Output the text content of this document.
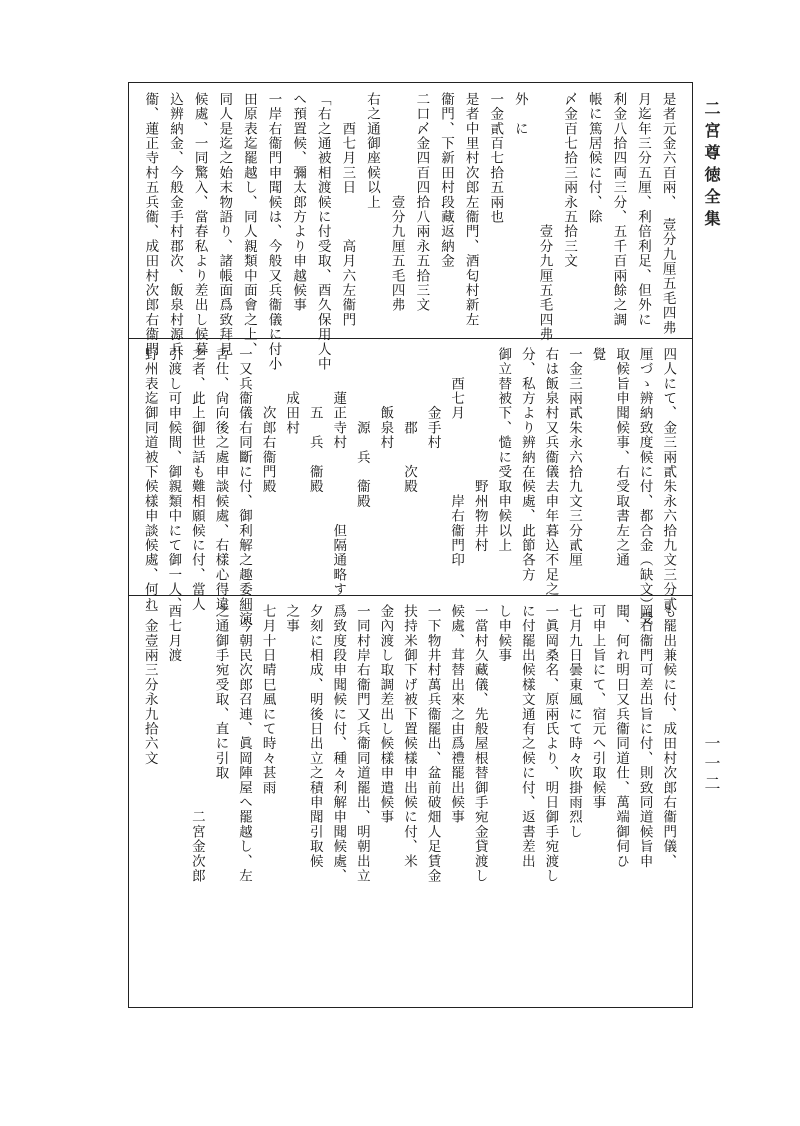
二宮尊徳全集
一一二
是者元金六百兩、　壹分九厘五毛四弗
月迄年三分五厘、利倍利足、但外に
利金八拾四両三分、五千百兩餘之調
帳に篤居候に付、除
〆金百七拾三兩永五拾三文　
　　　　　　　　　壹分九厘五毛四弗
外　に
一金貳百七拾五兩也
是者中里村次郎左衞門、酒匂村新左
衞門、下新田村段藏返納金
二口〆金四百四拾八兩永五拾三文
　　　　　　　壹分九厘五毛四弗
右之通御座候以上
　　酉七月三日　　　高月六左衞門
「右之通被相渡候に付受取、酉久保用人中
へ預置候、彌太郎方より申越候事
一岸右衞門申聞候は、今般又兵衞儀に付小
田原表迄罷越し、同人親類中面會之上、
同人是迄之始末物語り、諸帳面爲致拜見
候處、一同驚入、當春私より差出し候暮
込辨納金、今般金手村郡次、飯泉村源兵
衞、蓮正寺村五兵衞、成田村次郎右衞門
四人にて、金三兩貳朱永六拾九文三分貳
厘づゝ辨納致度候に付、都合金（缺文）受
取候旨申聞候事、右受取書左之通
覺
一金三兩貳朱永六拾九文三分貳厘
右は飯泉村又兵衞儀去申年暮込不足之
分、私方より辨納在候處、此節各方
御立替被下、慥に受取申候以上
　　　　　　　　　野州物井村
　　酉七月　　　　　岸右衞門印
　　　　金手村
　　　　　郡　　次殿
　　　　飯泉村
　　　　　源　兵　衞殿
　　　蓮正寺村　　　　　但隔通略す
　　　　五　兵　衞殿
　　　成田村
　　　　次郎右衞門殿
一又兵衞儀右同斷に付、御利解之趣委細演
舌仕、尙向後之處申談候處、右樣心得違
之者、此上御世話も難相願候に付、當人
引渡し可申候間、御親類中にて御一人、
野州表迄御同道被下候樣申談候處、何れ
も罷出兼候に付、成田村次郎右衞門儀、
岡右衞門可差出旨に付、則致同道候旨申
聞、何れ明日又兵衞同道仕、萬端御伺ひ
可申上旨にて、宿元へ引取候事
七月九日曇東風にて時々吹掛雨烈し
一眞岡桑名、原兩氏より、明日御手宛渡し
に付罷出候樣文通有之候に付、返書差出
し申候事
一當村久藏儀、先般屋根替御手宛金貸渡し
候處、茸替出來之由爲禮罷出候事
一下物井村萬兵衞罷出、盆前破畑人足賃金
扶持米御下げ被下置候樣申出候に付、米
金內渡し取調差出し候樣申遣候事
一同村岸右衞門又兵衞同道罷出、明朝出立
爲致度段申聞候に付、種々利解申聞候處、
夕刻に相成、明後日出立之積申聞引取候
之事
七月十日晴巳風にて時々甚雨
一今朝民次郎召連、眞岡陣屋へ罷越し、左
之通御手宛受取、直に引取
　　　　　　　　　　　　　　二宮金次郎
酉七月渡
一金壹兩三分永九拾六文
